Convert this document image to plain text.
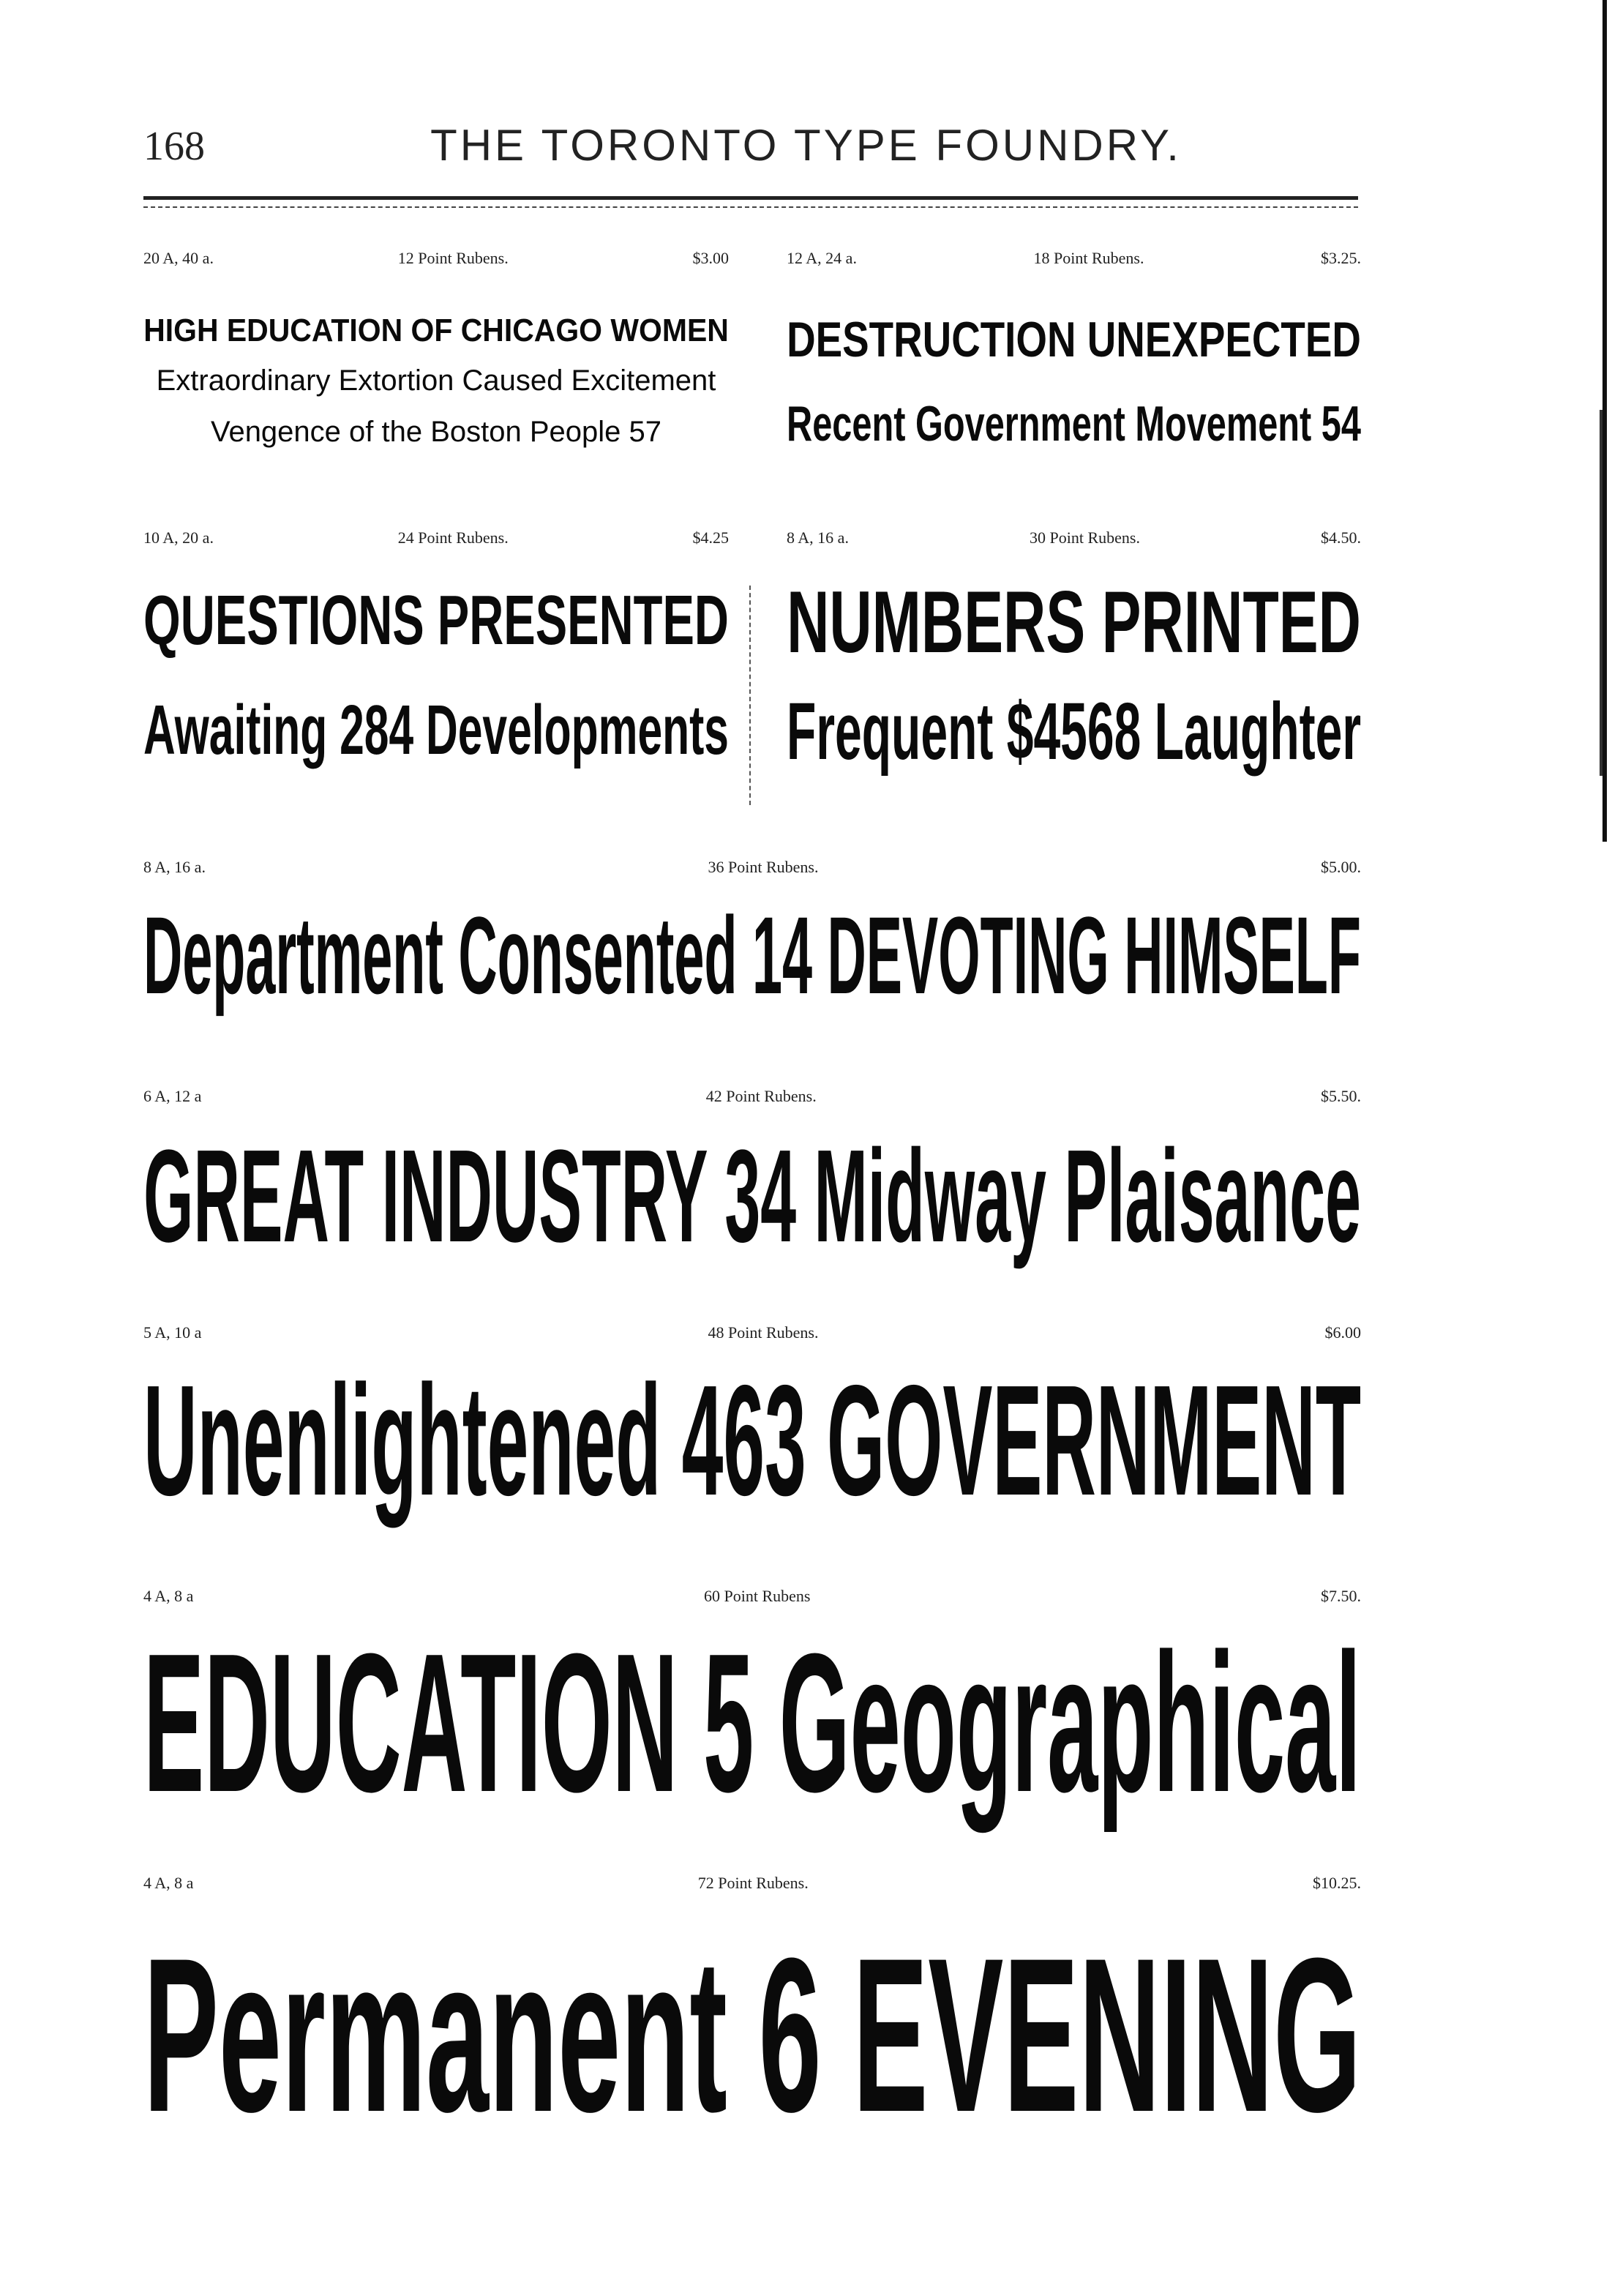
168	THE TORONTO TYPE FOUNDRY.
20 A, 40 a.	12 Point Rubens.	$3.00
HIGH EDUCATION OF CHICAGO WOMEN
Extraordinary Extortion Caused Excitement
Vengence of the Boston People 57
12 A, 24 a.	18 Point Rubens.	$3.25.
DESTRUCTION UNEXPECTED
Recent Government Movement 54
10 A, 20 a.	24 Point Rubens.	$4.25
QUESTIONS PRESENTED
Awaiting 284 Developments
8 A, 16 a.	30 Point Rubens.	$4.50.
NUMBERS PRINTED
Frequent $4568 Laughter
8 A, 16 a.	36 Point Rubens.	$5.00.
Department Consented 14 DEVOTING HIMSELF
6 A, 12 a	42 Point Rubens.	$5.50.
GREAT INDUSTRY 34 Midway Plaisance
5 A, 10 a	48 Point Rubens.	$6.00
Unenlightened 463 GOVERNMENT
4 A, 8 a	60 Point Rubens	$7.50.
EDUCATION 5 Geographical
4 A, 8 a	72 Point Rubens.	$10.25.
Permanent 6 EVENING
